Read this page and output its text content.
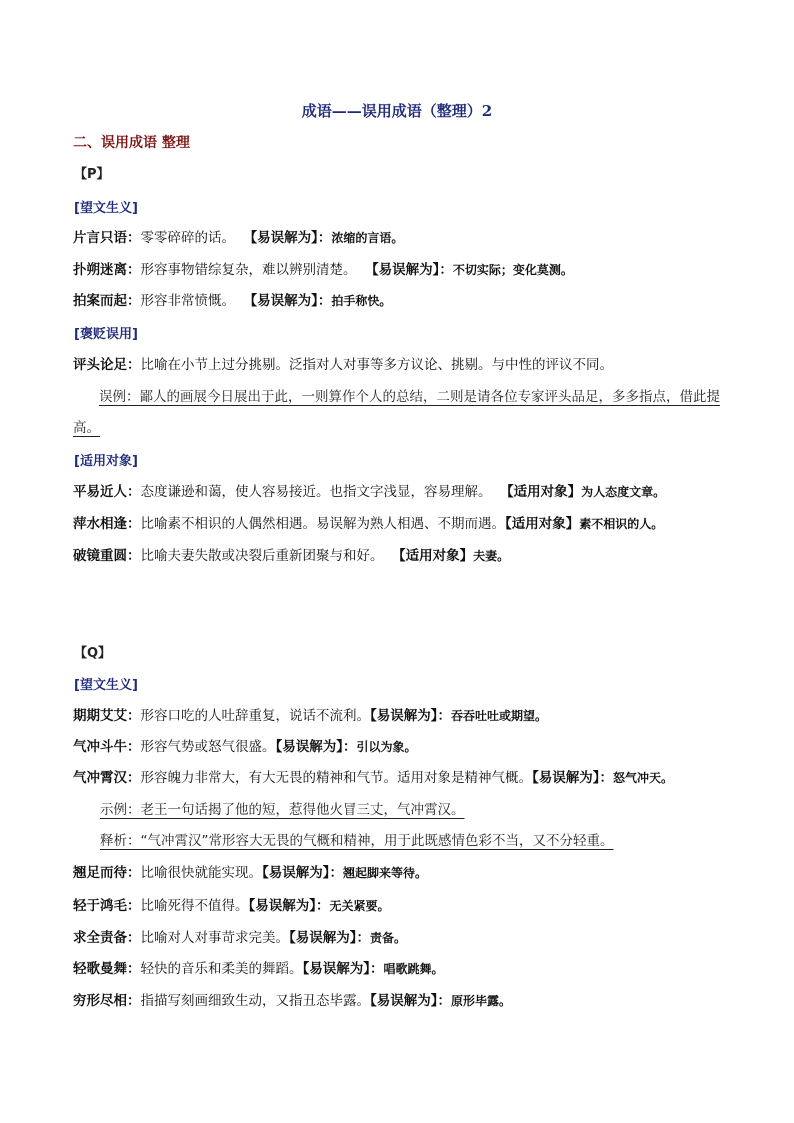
成语——误用成语（整理）2
二、误用成语 整理
【P】
[望文生义]
片言只语：零零碎碎的话。 【易误解为】：浓缩的言语。
扑朔迷离：形容事物错综复杂，难以辨别清楚。 【易误解为】：不切实际；变化莫测。
拍案而起：形容非常愤慨。 【易误解为】：拍手称快。
[褒贬误用]
评头论足：比喻在小节上过分挑剔。泛指对人对事等多方议论、挑剔。与中性的评议不同。
误例：鄙人的画展今日展出于此，一则算作个人的总结，二则是请各位专家评头品足，多多指点，借此提高。
[适用对象]
平易近人：态度谦逊和蔼，使人容易接近。也指文字浅显，容易理解。 【适用对象】为人态度文章。
萍水相逢：比喻素不相识的人偶然相遇。易误解为熟人相遇、不期而遇。【适用对象】素不相识的人。
破镜重圆：比喻夫妻失散或决裂后重新团聚与和好。 【适用对象】夫妻。
【Q】
[望文生义]
期期艾艾：形容口吃的人吐辞重复，说话不流利。【易误解为】：吞吞吐吐或期望。
气冲斗牛：形容气势或怒气很盛。【易误解为】：引以为象。
气冲霄汉：形容魄力非常大，有大无畏的精神和气节。适用对象是精神气概。【易误解为】：怒气冲天。
示例：老王一句话揭了他的短，惹得他火冒三丈，气冲霄汉。
释析：“气冲霄汉”常形容大无畏的气概和精神，用于此既感情色彩不当，又不分轻重。
翘足而待：比喻很快就能实现。【易误解为】：翘起脚来等待。
轻于鸿毛：比喻死得不值得。【易误解为】：无关紧要。
求全责备：比喻对人对事苛求完美。【易误解为】：责备。
轻歌曼舞：轻快的音乐和柔美的舞蹈。【易误解为】：唱歌跳舞。
穷形尽相：指描写刻画细致生动，又指丑态毕露。【易误解为】：原形毕露。
